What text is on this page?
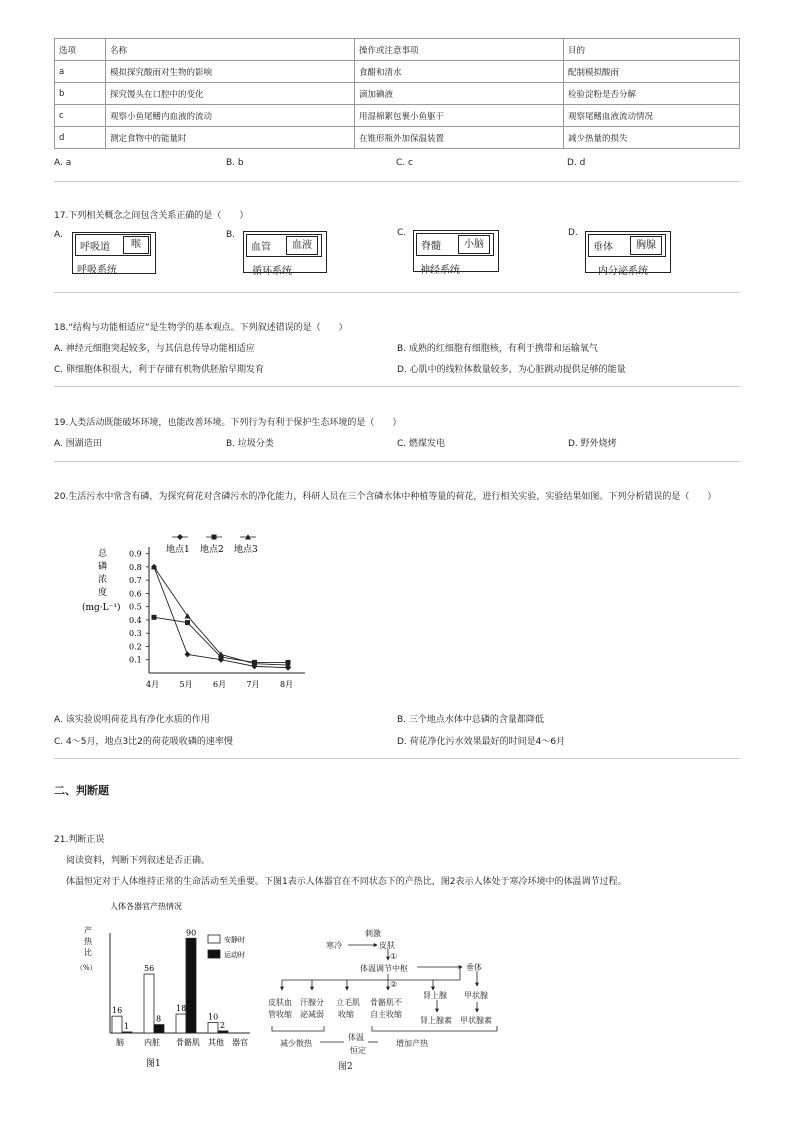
选项	名称	操作或注意事项	目的
a	模拟探究酸雨对生物的影响	食醋和清水	配制模拟酸雨
b	探究馒头在口腔中的变化	滴加碘液	检验淀粉是否分解
c	观察小鱼尾鳍内血液的流动	用湿棉絮包裹小鱼躯干	观察尾鳍血液流动情况
d	测定食物中的能量时	在锥形瓶外加保温装置	减少热量的损失
A. a	B. b	C. c	D. d
17.下列相关概念之间包含关系正确的是（　　）
A.
呼吸道	喉
呼吸系统
B.
血管	血液
循环系统
C.
脊髓	小脑
神经系统
D.
垂体	胸腺
内分泌系统
18.“结构与功能相适应”是生物学的基本观点。下列叙述错误的是（　　）
A. 神经元细胞突起较多，与其信息传导功能相适应	B. 成熟的红细胞有细胞核，有利于携带和运输氧气
C. 卵细胞体积很大，利于存储有机物供胚胎早期发育	D. 心肌中的线粒体数量较多，为心脏跳动提供足够的能量
19.人类活动既能破坏环境，也能改善环境。下列行为有利于保护生态环境的是（　　）
A. 围湖造田	B. 垃圾分类	C. 燃煤发电	D. 野外烧烤
20.生活污水中常含有磷，为探究荷花对含磷污水的净化能力，科研人员在三个含磷水体中种植等量的荷花，进行相关实验，实验结果如图。下列分析错误的是（　　）
总磷浓度(mg·L⁻¹)
0.1
0.2
0.3
0.4
0.5
0.6
0.7
0.8
0.9
4月	5月	6月	7月	8月
地点1 地点2 地点3
A. 该实验说明荷花具有净化水质的作用	B. 三个地点水体中总磷的含量都降低
C. 4～5月，地点3比2的荷花吸收磷的速率慢	D. 荷花净化污水效果最好的时间是4～6月
二、判断题
21.判断正误
阅读资料，判断下列叙述是否正确。
体温恒定对于人体维持正常的生命活动至关重要。下图1表示人体器官在不同状态下的产热比，图2表示人体处于寒冷环境中的体温调节过程。
人体各器官产热情况
产热比（%）
安静时
运动时
16
1
脑
56
8
内脏
18
90
骨骼肌
10
2
其他 器官
图1
刺激
寒冷	皮肤
①
体温调节中枢
②
垂体
甲状腺
甲状腺素
皮肤血
管收缩
汗腺分
泌减弱
立毛肌
收缩
骨骼肌不
自主收缩
肾上腺
肾上腺素
减少散热
体温
恒定
增加产热
图2
